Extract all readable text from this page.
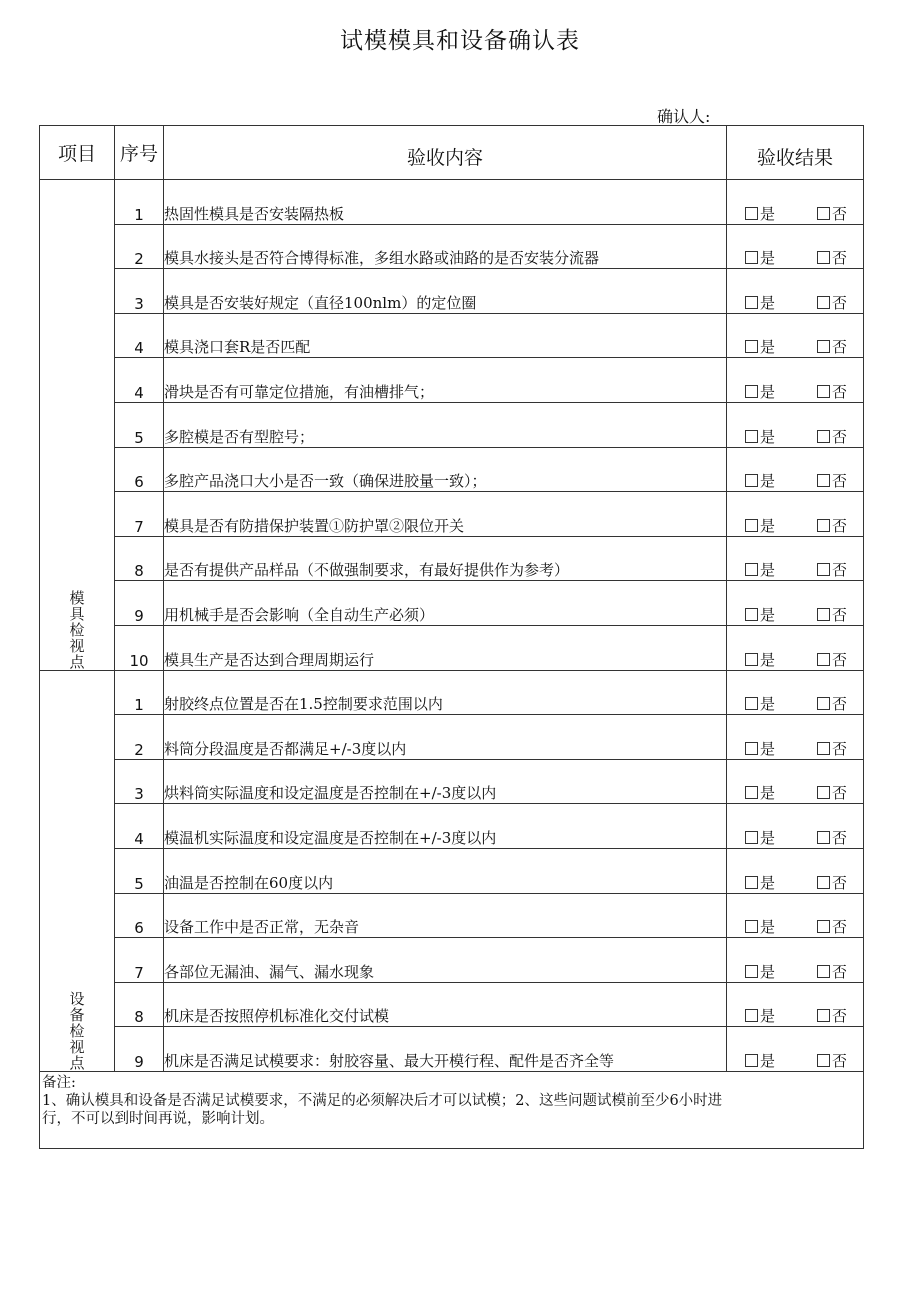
试模模具和设备确认表
确认人:
项目	序号	验收内容	验收结果
模具检视点	1	热固性模具是否安装隔热板	是 否

	2	模具水接头是否符合博得标准，多组水路或油路的是否安装分流器	是 否

	3	模具是否安装好规定（直径100nlm）的定位圈	是 否

	4	模具浇口套R是否匹配	是 否

	4	滑块是否有可靠定位措施，有油槽排气；	是 否

	5	多腔模是否有型腔号；	是 否

	6	多腔产品浇口大小是否一致（确保进胶量一致）；	是 否

	7	模具是否有防措保护装置①防护罩②限位开关	是 否

	8	是否有提供产品样品（不做强制要求，有最好提供作为参考）	是 否

	9	用机械手是否会影响（全自动生产必须）	是 否

	10	模具生产是否达到合理周期运行	是 否

设备检视点	1	射胶终点位置是否在1.5控制要求范围以内	是 否

	2	料筒分段温度是否都满足+/-3度以内	是 否

	3	烘料筒实际温度和设定温度是否控制在+/-3度以内	是 否

	4	模温机实际温度和设定温度是否控制在+/-3度以内	是 否

	5	油温是否控制在60度以内	是 否

	6	设备工作中是否正常，无杂音	是 否

	7	各部位无漏油、漏气、漏水现象	是 否

	8	机床是否按照停机标准化交付试模	是 否

	9	机床是否满足试模要求：射胶容量、最大开模行程、配件是否齐全等	是 否

备注:
1、确认模具和设备是否满足试模要求，不满足的必须解决后才可以试模；2、这些问题试模前至少6小时进行，不可以到时间再说，影响计划。			
